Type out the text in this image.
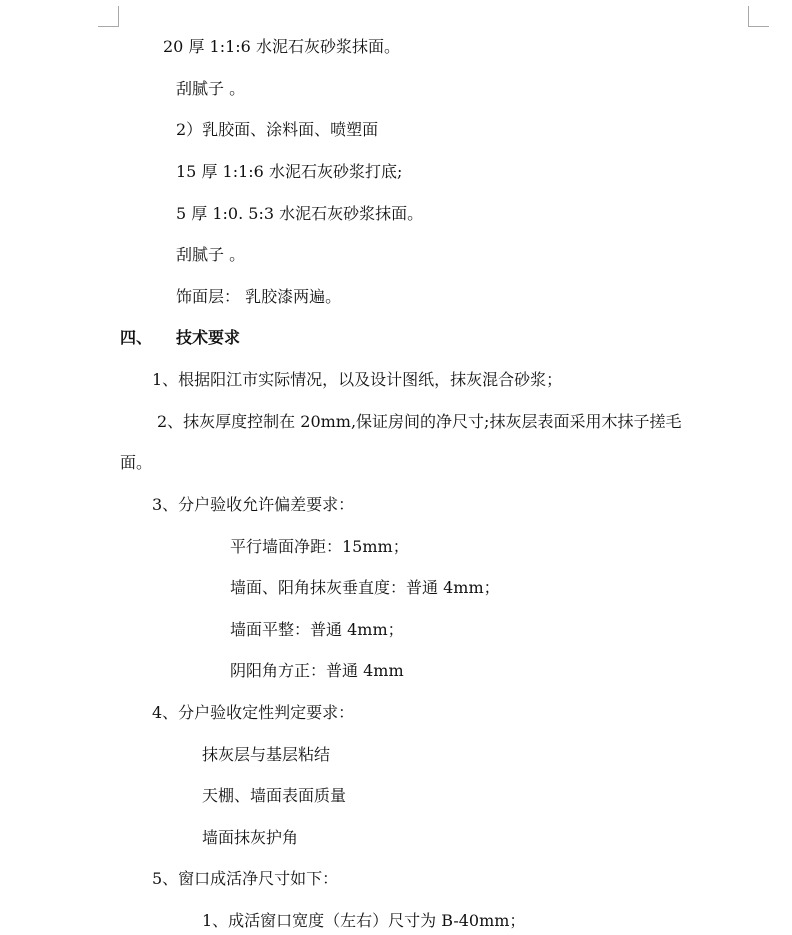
20 厚 1:1:6 水泥石灰砂浆抹面。
刮腻子 。
2）乳胶面、涂料面、喷塑面
15 厚 1:1:6 水泥石灰砂浆打底;
5 厚 1:0. 5:3 水泥石灰砂浆抹面。
刮腻子 。
饰面层： 乳胶漆两遍。
四、 技术要求
1、根据阳江市实际情况，以及设计图纸，抹灰混合砂浆；
2、抹灰厚度控制在 20mm,保证房间的净尺寸;抹灰层表面采用木抹子搓毛
面。
3、分户验收允许偏差要求：
平行墙面净距：15mm；
墙面、阳角抹灰垂直度：普通 4mm；
墙面平整：普通 4mm；
阴阳角方正：普通 4mm
4、分户验收定性判定要求：
抹灰层与基层粘结
天棚、墙面表面质量
墙面抹灰护角
5、窗口成活净尺寸如下：
1、成活窗口宽度（左右）尺寸为 B-40mm；
